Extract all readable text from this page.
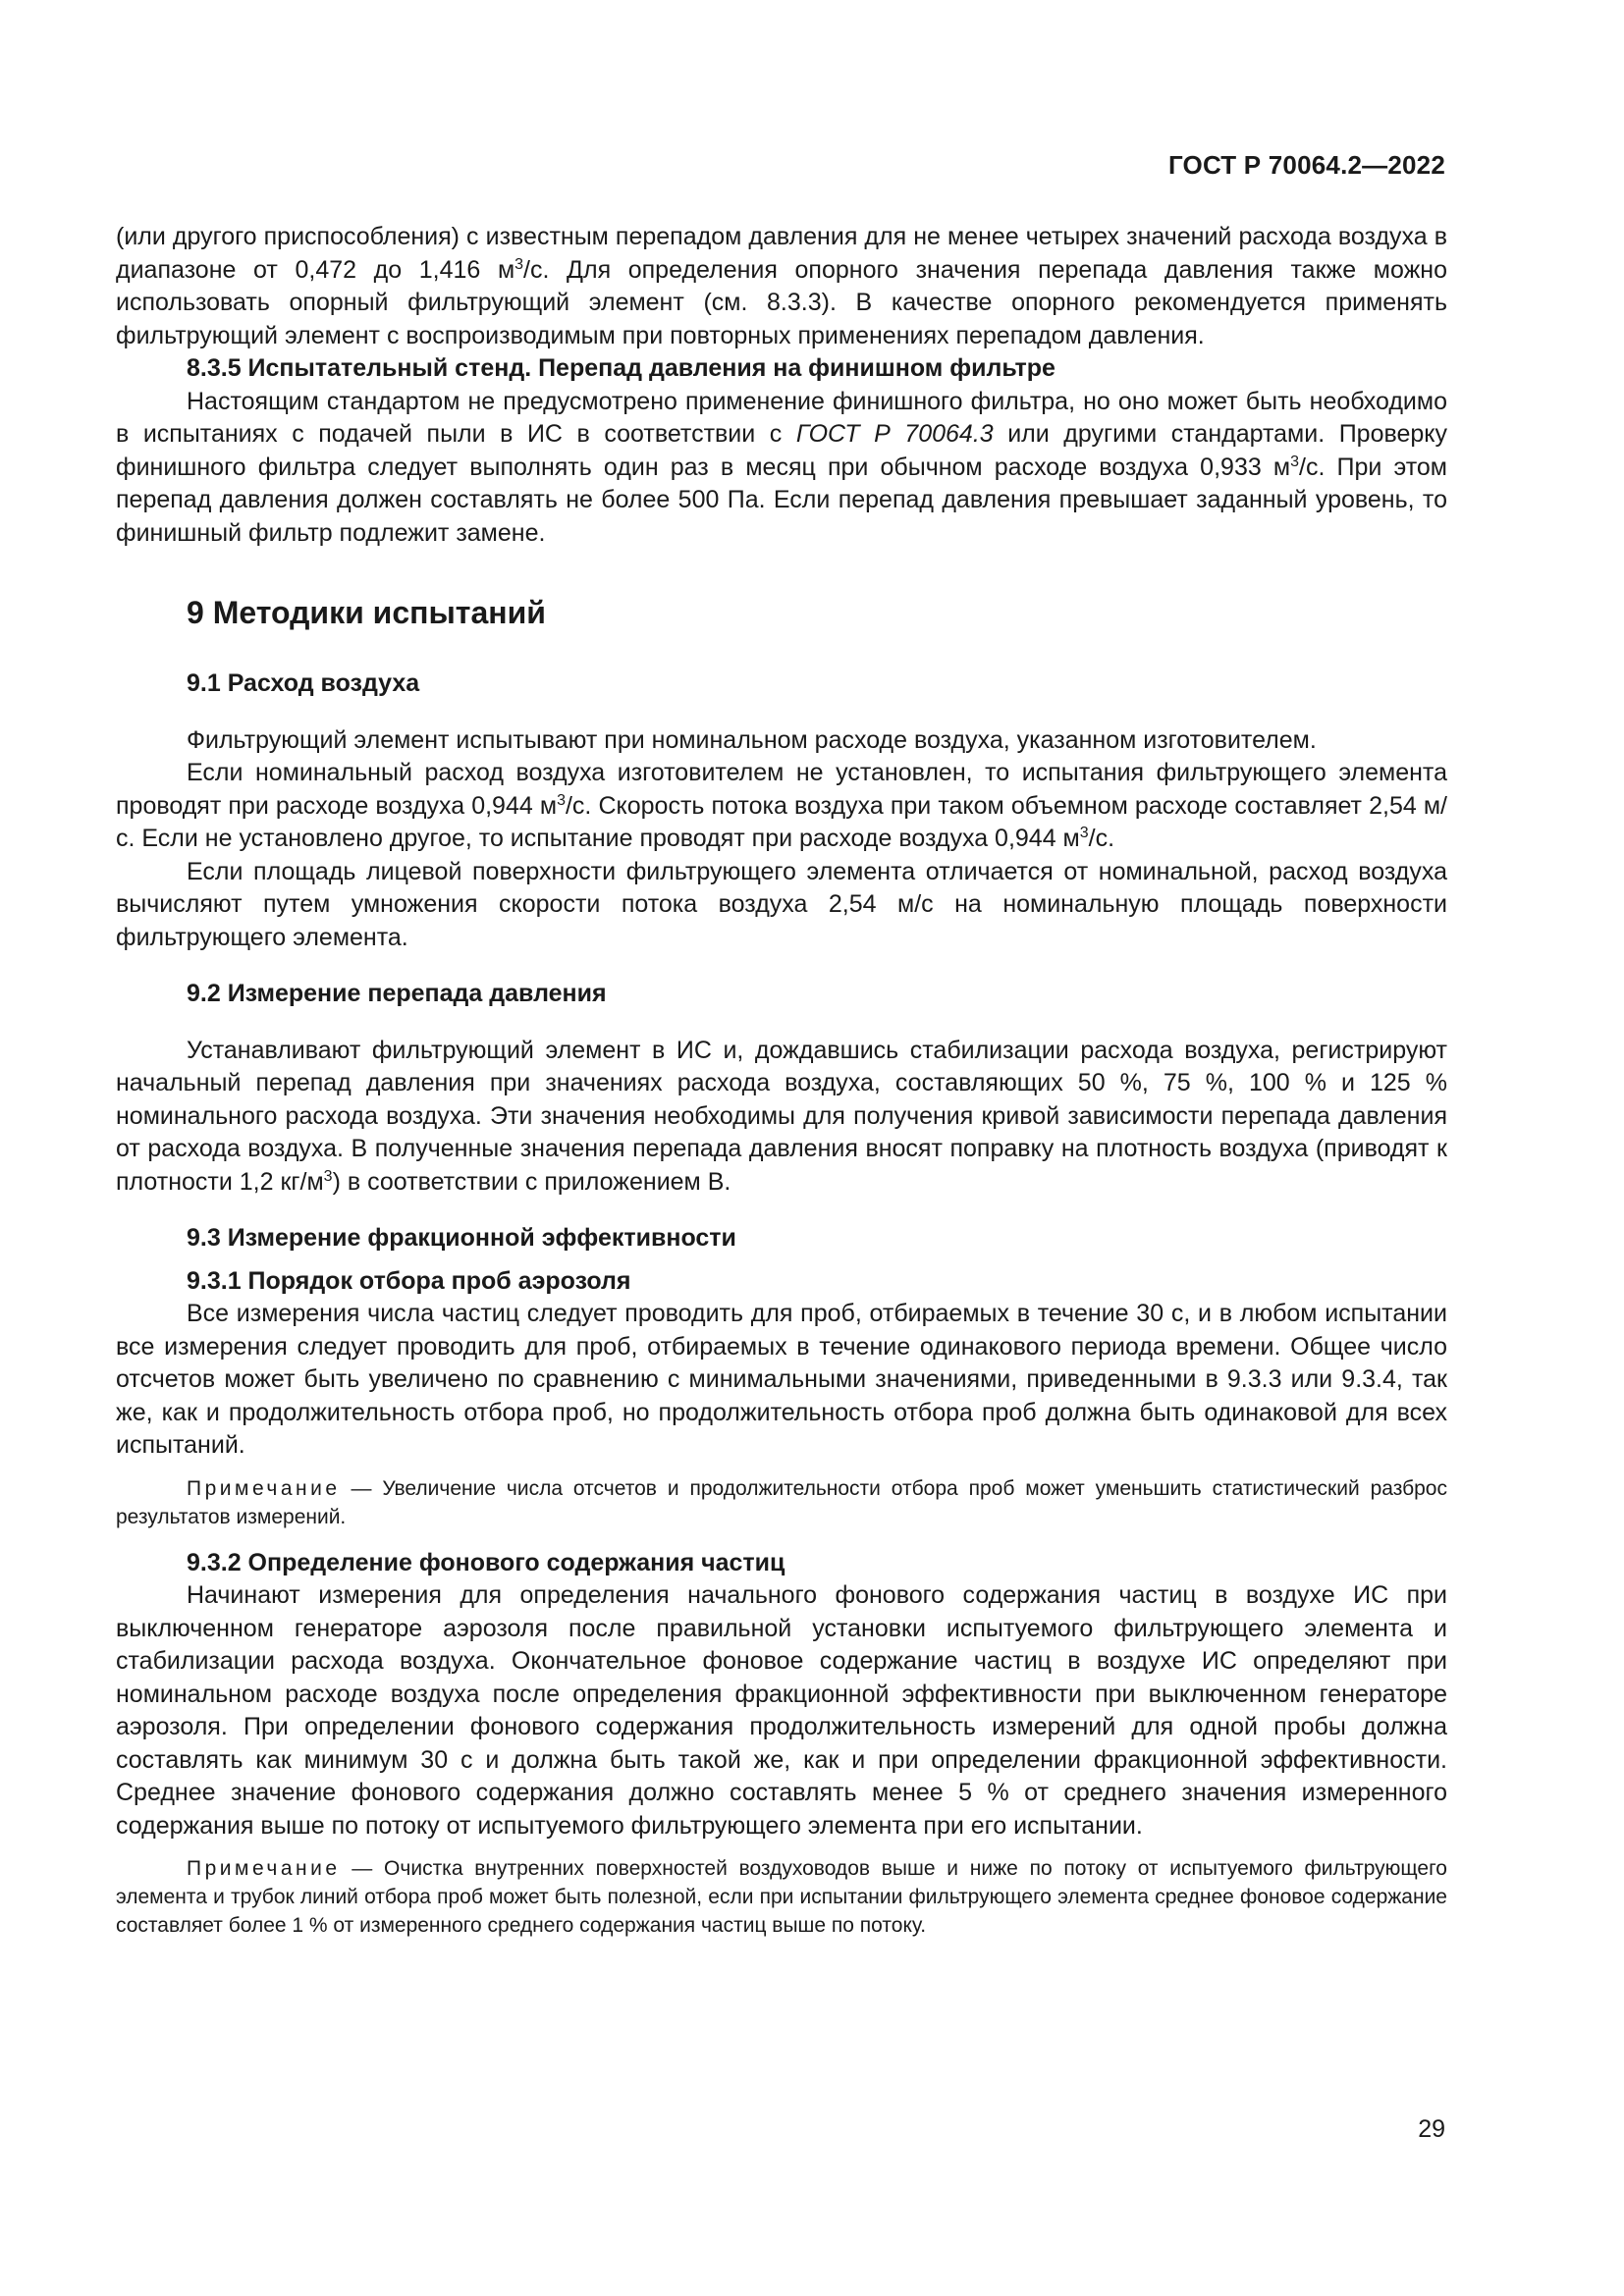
ГОСТ Р 70064.2—2022

(или другого приспособления) с известным перепадом давления для не менее четырех значений расхода воздуха в диапазоне от 0,472 до 1,416 $м^3/с$. Для определения опорного значения перепада давления также можно использовать опорный фильтрующий элемент (см. 8.3.3). В качестве опорного рекомендуется применять фильтрующий элемент с воспроизводимым при повторных применениях перепадом давления.

8.3.5 Испытательный стенд. Перепад давления на финишном фильтре

Настоящим стандартом не предусмотрено применение финишного фильтра, но оно может быть необходимо в испытаниях с подачей пыли в ИС в соответствии с ГОСТ Р 70064.3 или другими стандартами. Проверку финишного фильтра следует выполнять один раз в месяц при обычном расходе воздуха 0,933 $м^3/с$. При этом перепад давления должен составлять не более 500 Па. Если перепад давления превышает заданный уровень, то финишный фильтр подлежит замене.

9 Методики испытаний
9.1 Расход воздуха

Фильтрующий элемент испытывают при номинальном расходе воздуха, указанном изготовителем.

Если номинальный расход воздуха изготовителем не установлен, то испытания фильтрующего элемента проводят при расходе воздуха 0,944 $м^3/с$. Скорость потока воздуха при таком объемном расходе составляет 2,54 м/с. Если не установлено другое, то испытание проводят при расходе воздуха 0,944 $м^3/с$.

Если площадь лицевой поверхности фильтрующего элемента отличается от номинальной, расход воздуха вычисляют путем умножения скорости потока воздуха 2,54 м/с на номинальную площадь поверхности фильтрующего элемента.

9.2 Измерение перепада давления

Устанавливают фильтрующий элемент в ИС и, дождавшись стабилизации расхода воздуха, регистрируют начальный перепад давления при значениях расхода воздуха, составляющих 50 %, 75 %, 100 % и 125 % номинального расхода воздуха. Эти значения необходимы для получения кривой зависимости перепада давления от расхода воздуха. В полученные значения перепада давления вносят поправку на плотность воздуха (приводят к плотности 1,2 $кг/м^3$) в соответствии с приложением В.

9.3 Измерение фракционной эффективности

9.3.1 Порядок отбора проб аэрозоля

Все измерения числа частиц следует проводить для проб, отбираемых в течение 30 с, и в любом испытании все измерения следует проводить для проб, отбираемых в течение одинакового периода времени. Общее число отсчетов может быть увеличено по сравнению с минимальными значениями, приведенными в 9.3.3 или 9.3.4, так же, как и продолжительность отбора проб, но продолжительность отбора проб должна быть одинаковой для всех испытаний.

Примечание — Увеличение числа отсчетов и продолжительности отбора проб может уменьшить статистический разброс результатов измерений.

9.3.2 Определение фонового содержания частиц

Начинают измерения для определения начального фонового содержания частиц в воздухе ИС при выключенном генераторе аэрозоля после правильной установки испытуемого фильтрующего элемента и стабилизации расхода воздуха. Окончательное фоновое содержание частиц в воздухе ИС определяют при номинальном расходе воздуха после определения фракционной эффективности при выключенном генераторе аэрозоля. При определении фонового содержания продолжительность измерений для одной пробы должна составлять как минимум 30 с и должна быть такой же, как и при определении фракционной эффективности. Среднее значение фонового содержания должно составлять менее 5 % от среднего значения измеренного содержания выше по потоку от испытуемого фильтрующего элемента при его испытании.

Примечание — Очистка внутренних поверхностей воздуховодов выше и ниже по потоку от испытуемого фильтрующего элемента и трубок линий отбора проб может быть полезной, если при испытании фильтрующего элемента среднее фоновое содержание составляет более 1 % от измеренного среднего содержания частиц выше по потоку.

29
